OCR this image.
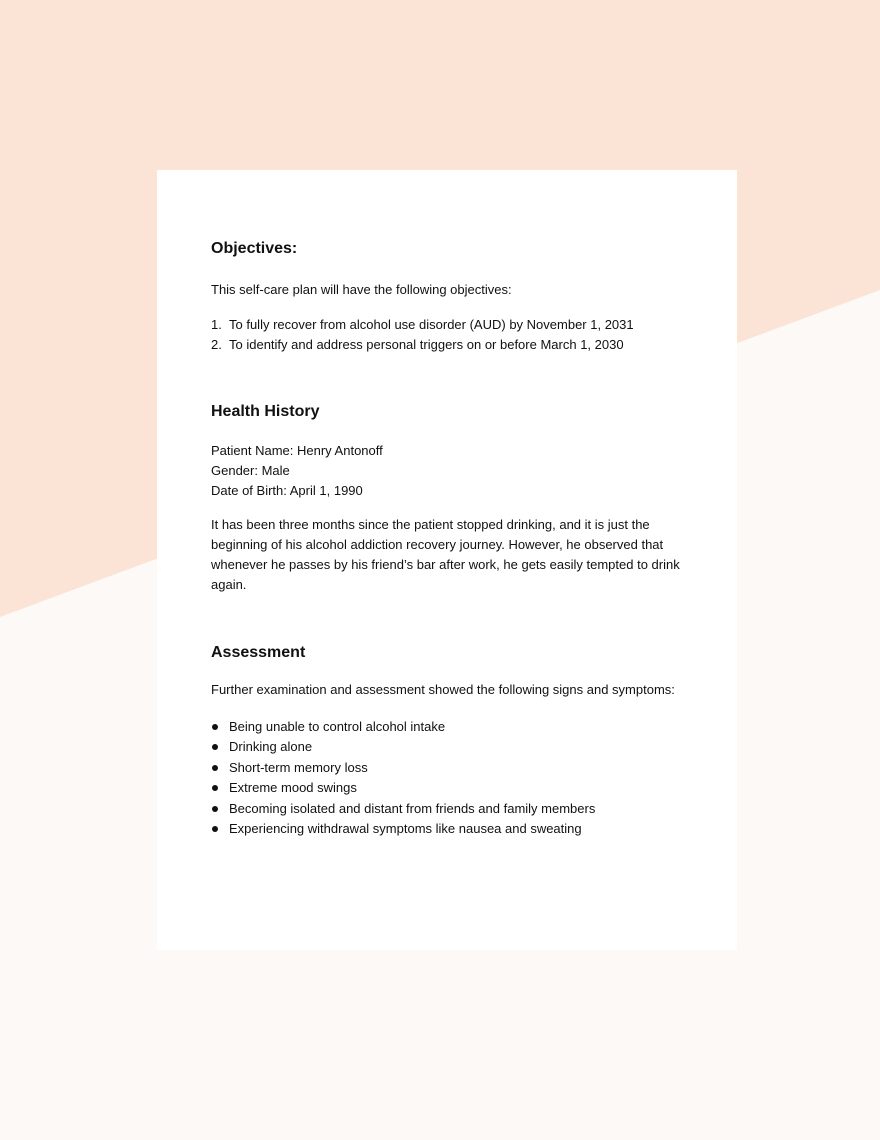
Objectives:

This self-care plan will have the following objectives:

1. To fully recover from alcohol use disorder (AUD) by November 1, 2031
2. To identify and address personal triggers on or before March 1, 2030
Health History

Patient Name: Henry Antonoff

Gender: Male

Date of Birth: April 1, 1990

It has been three months since the patient stopped drinking, and it is just the beginning of his alcohol addiction recovery journey. However, he observed that whenever he passes by his friend’s bar after work, he gets easily tempted to drink again.

Assessment

Further examination and assessment showed the following signs and symptoms:

Being unable to control alcohol intake
Drinking alone
Short-term memory loss
Extreme mood swings
Becoming isolated and distant from friends and family members
Experiencing withdrawal symptoms like nausea and sweating
